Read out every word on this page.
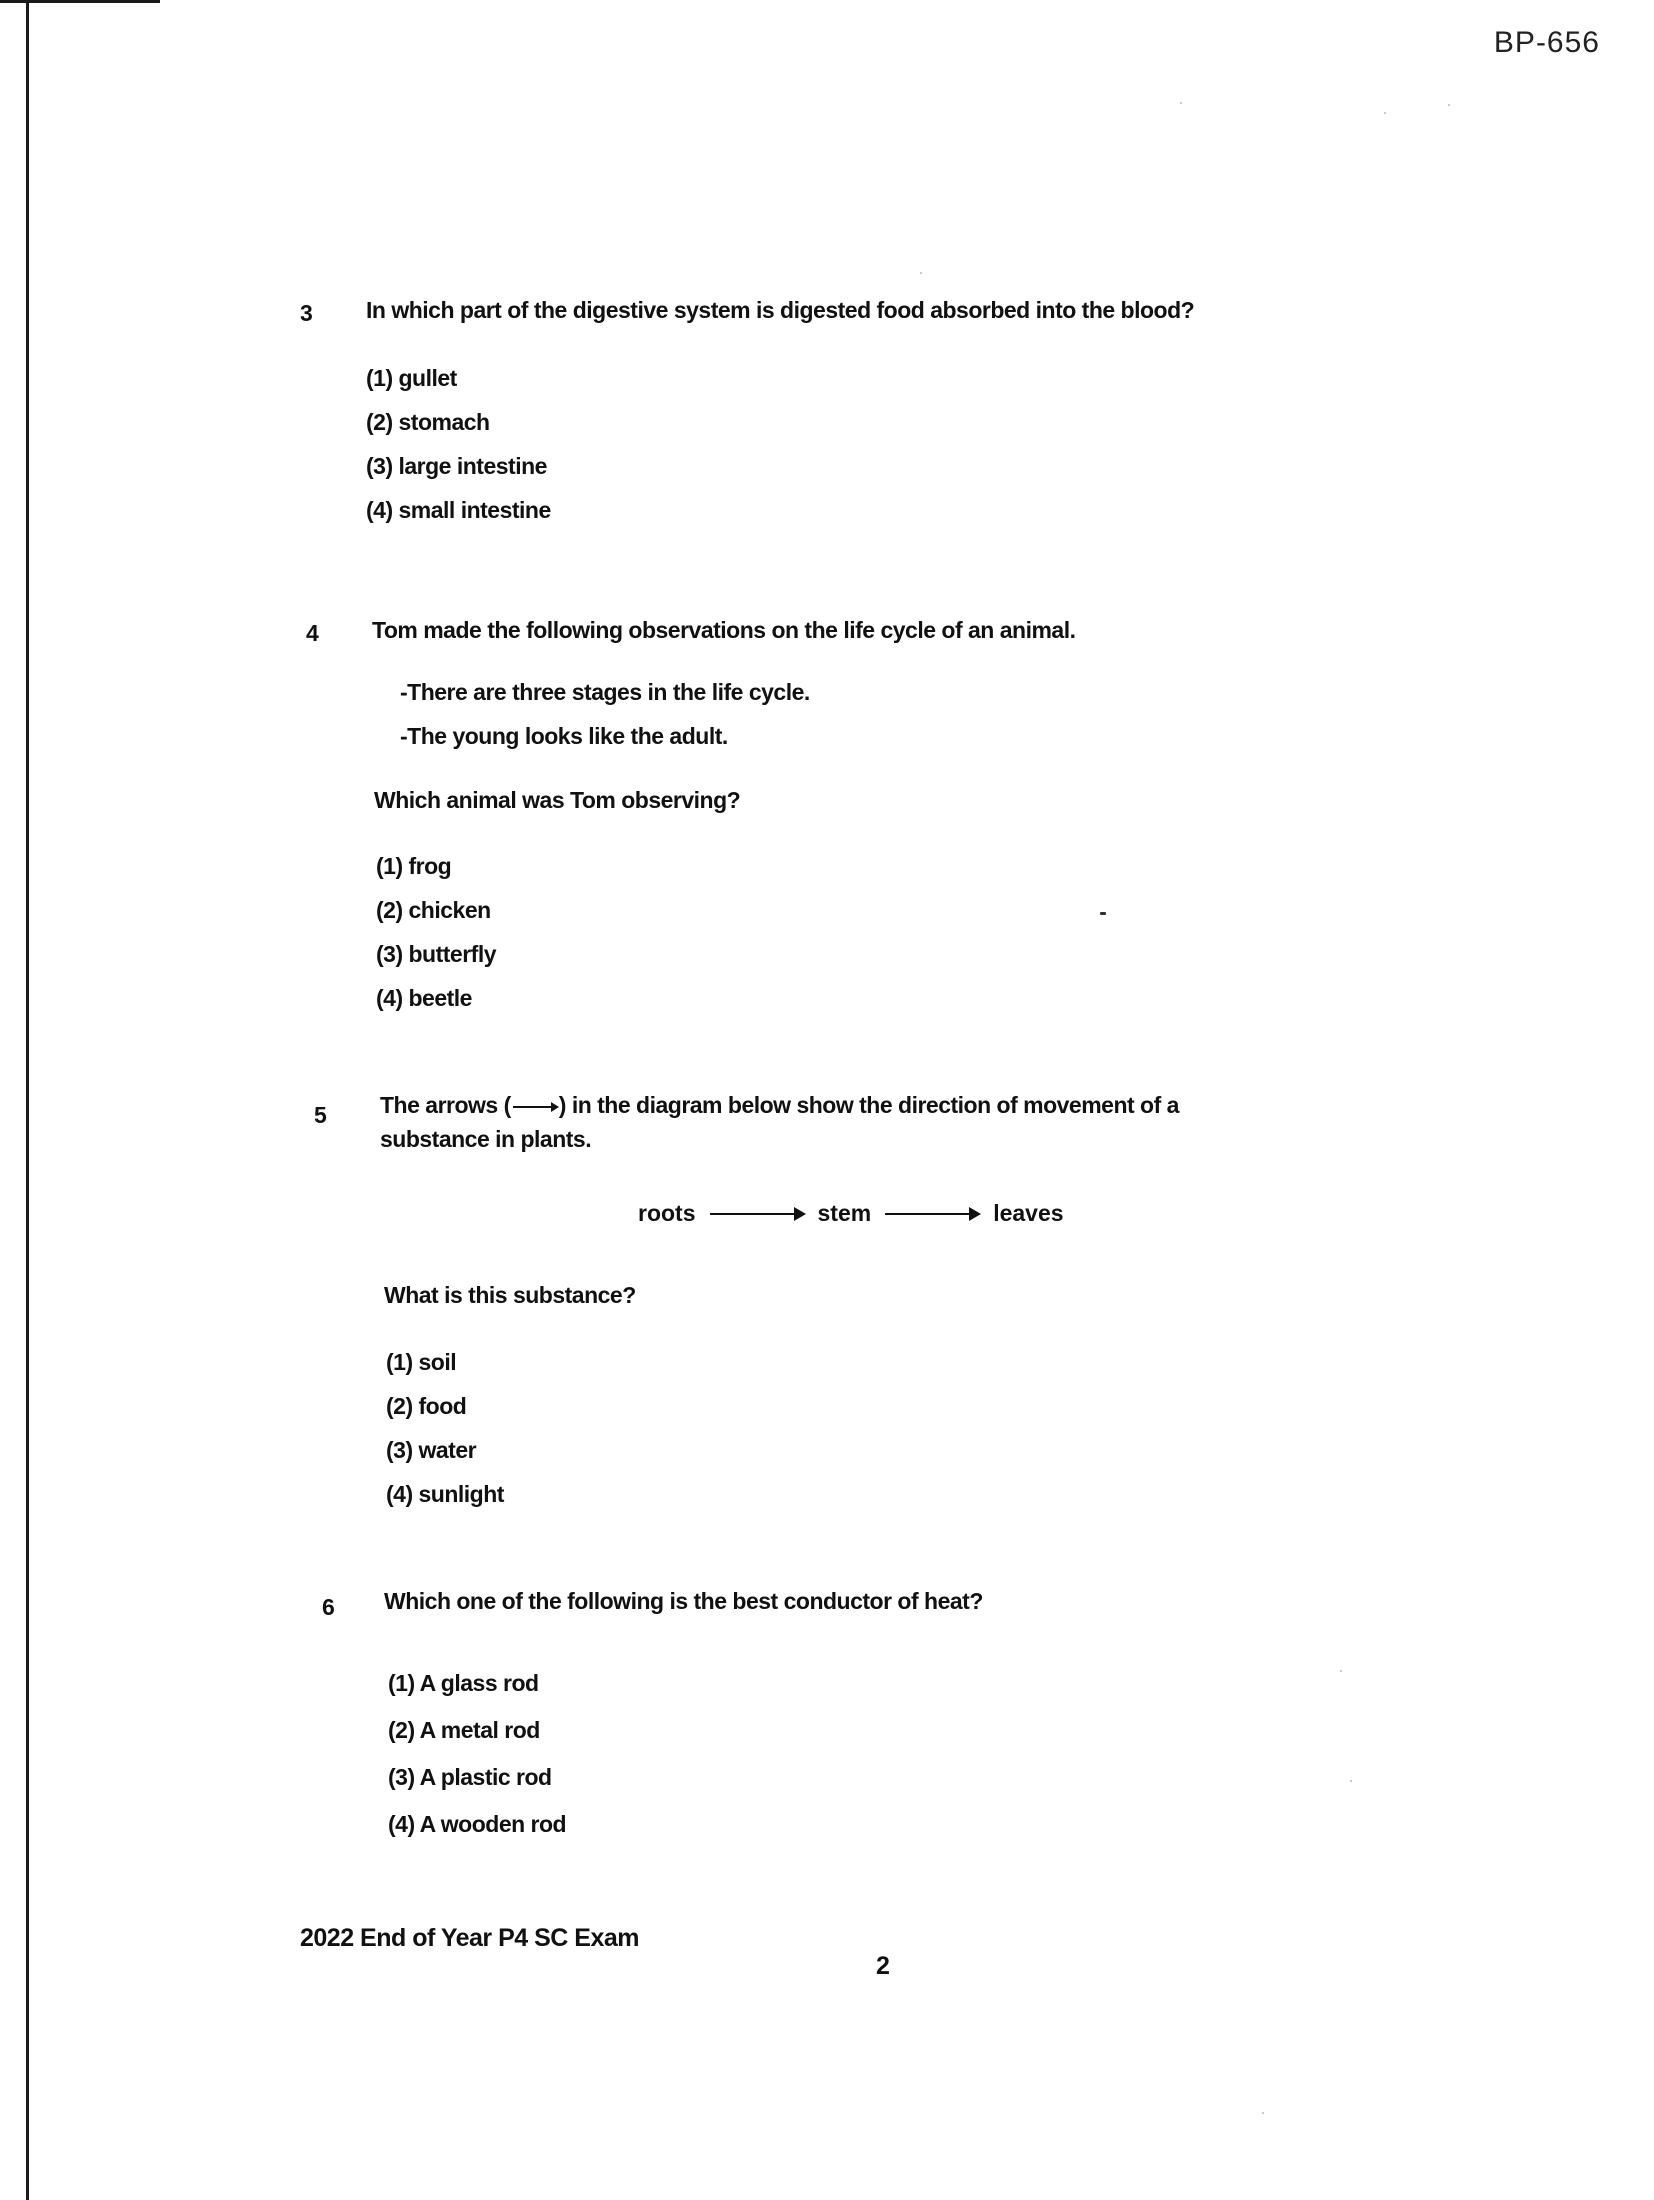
BP-656
3 In which part of the digestive system is digested food absorbed into the blood?
(1) gullet
(2) stomach
(3) large intestine
(4) small intestine
4 Tom made the following observations on the life cycle of an animal.
-There are three stages in the life cycle.
-The young looks like the adult.
Which animal was Tom observing?
(1) frog
(2) chicken
(3) butterfly
(4) beetle
5 The arrows ( ) in the diagram below show the direction of movement of a
substance in plants.
roots	stem	leaves
What is this substance?
(1) soil
(2) food
(3) water
(4) sunlight
6 Which one of the following is the best conductor of heat?
(1) A glass rod
(2) A metal rod
(3) A plastic rod
(4) A wooden rod
2022 End of Year P4 SC Exam
2
